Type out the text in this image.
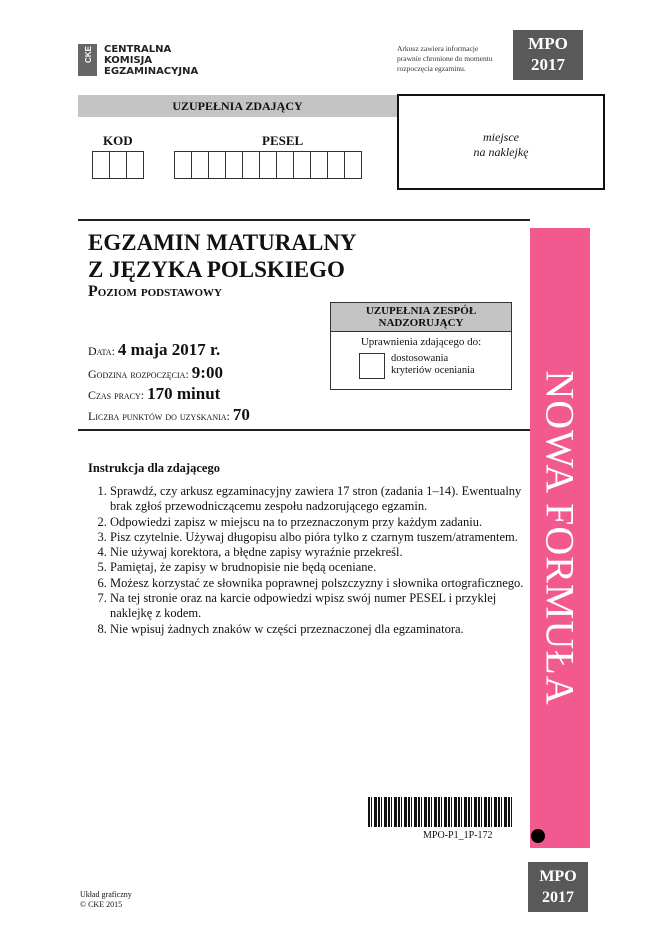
CKE CENTRALNA
KOMISJA
EGZAMINACYJNA
Arkusz zawiera informacje
prawnie chronione do momentu
rozpoczęcia egzaminu.
MPO
2017
UZUPEŁNIA ZDAJĄCY
miejsce
na naklejkę
KOD	PESEL
NOWA FORMUŁA
EGZAMIN MATURALNY
Z JĘZYKA POLSKIEGO
Poziom podstawowy
Data: 4 maja 2017 r.
Godzina rozpoczęcia: 9:00
Czas pracy: 170 minut
Liczba punktów do uzyskania: 70
UZUPEŁNIA ZESPÓŁ
NADZORUJĄCY
Uprawnienia zdającego do:
dostosowania
kryteriów oceniania
Instrukcja dla zdającego
1. Sprawdź, czy arkusz egzaminacyjny zawiera 17 stron (zadania 1–14). Ewentualny brak zgłoś przewodniczącemu zespołu nadzorującego egzamin.
2. Odpowiedzi zapisz w miejscu na to przeznaczonym przy każdym zadaniu.
3. Pisz czytelnie. Używaj długopisu albo pióra tylko z czarnym tuszem/atramentem.
4. Nie używaj korektora, a błędne zapisy wyraźnie przekreśl.
5. Pamiętaj, że zapisy w brudnopisie nie będą oceniane.
6. Możesz korzystać ze słownika poprawnej polszczyzny i słownika ortograficznego.
7. Na tej stronie oraz na karcie odpowiedzi wpisz swój numer PESEL i przyklej naklejkę z kodem.
8. Nie wpisuj żadnych znaków w części przeznaczonej dla egzaminatora.
MPO-P1_1P-172
MPO
2017
Układ graficzny
© CKE 2015
